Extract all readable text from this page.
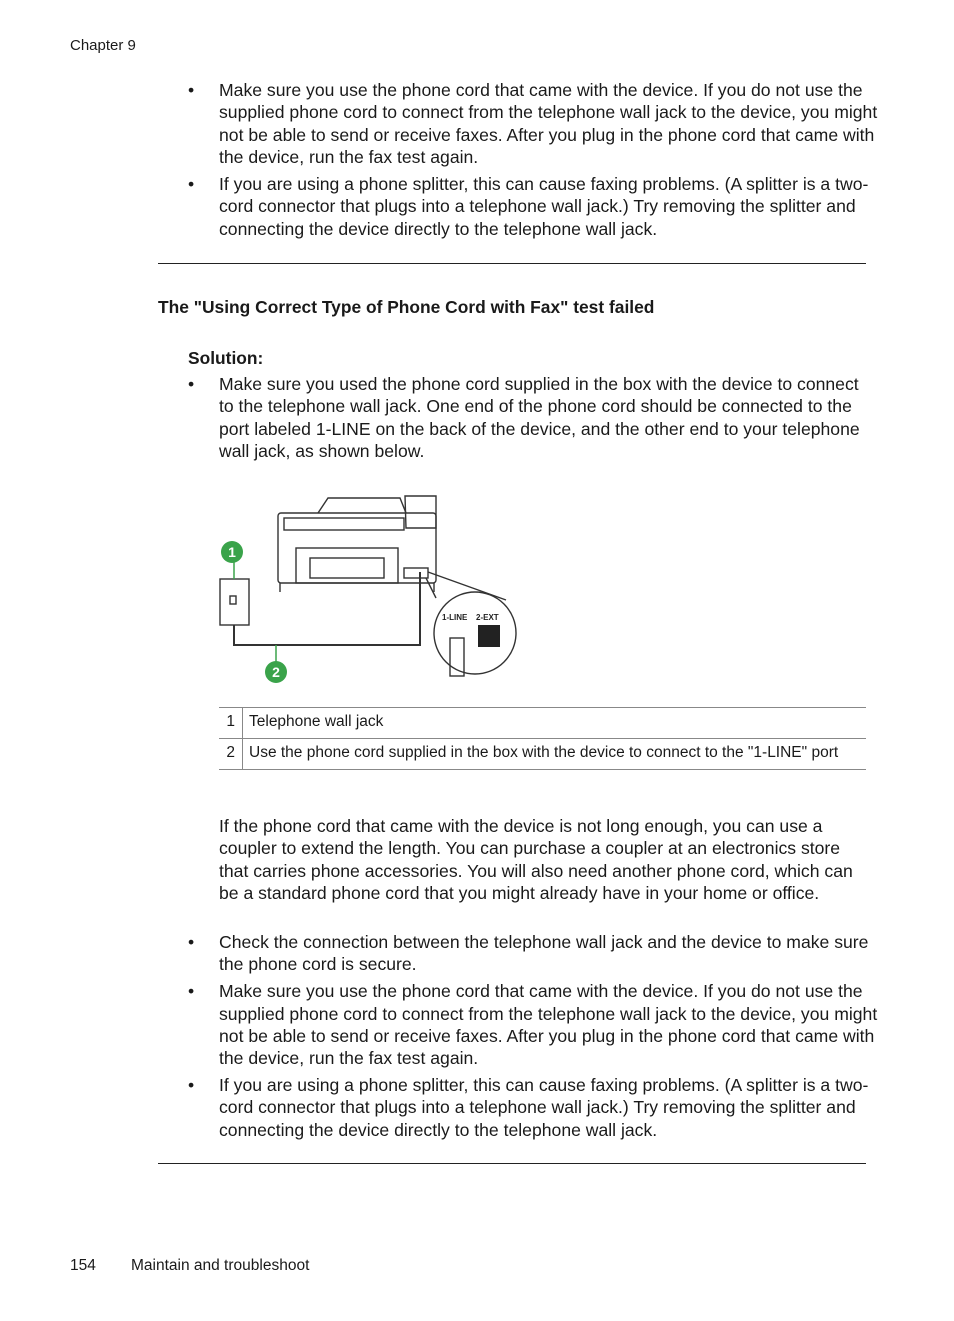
Chapter 9
• Make sure you use the phone cord that came with the device. If you do not use the supplied phone cord to connect from the telephone wall jack to the device, you might not be able to send or receive faxes. After you plug in the phone cord that came with the device, run the fax test again.
• If you are using a phone splitter, this can cause faxing problems. (A splitter is a two-cord connector that plugs into a telephone wall jack.) Try removing the splitter and connecting the device directly to the telephone wall jack.
The "Using Correct Type of Phone Cord with Fax" test failed
Solution:
• Make sure you used the phone cord supplied in the box with the device to connect to the telephone wall jack. One end of the phone cord should be connected to the port labeled 1-LINE on the back of the device, and the other end to your telephone wall jack, as shown below.
1
2
1-LINE 2-EXT
1	Telephone wall jack
2	Use the phone cord supplied in the box with the device to connect to the "1-LINE" port
If the phone cord that came with the device is not long enough, you can use a coupler to extend the length. You can purchase a coupler at an electronics store that carries phone accessories. You will also need another phone cord, which can be a standard phone cord that you might already have in your home or office.
• Check the connection between the telephone wall jack and the device to make sure the phone cord is secure.
• Make sure you use the phone cord that came with the device. If you do not use the supplied phone cord to connect from the telephone wall jack to the device, you might not be able to send or receive faxes. After you plug in the phone cord that came with the device, run the fax test again.
• If you are using a phone splitter, this can cause faxing problems. (A splitter is a two-cord connector that plugs into a telephone wall jack.) Try removing the splitter and connecting the device directly to the telephone wall jack.
154 Maintain and troubleshoot
